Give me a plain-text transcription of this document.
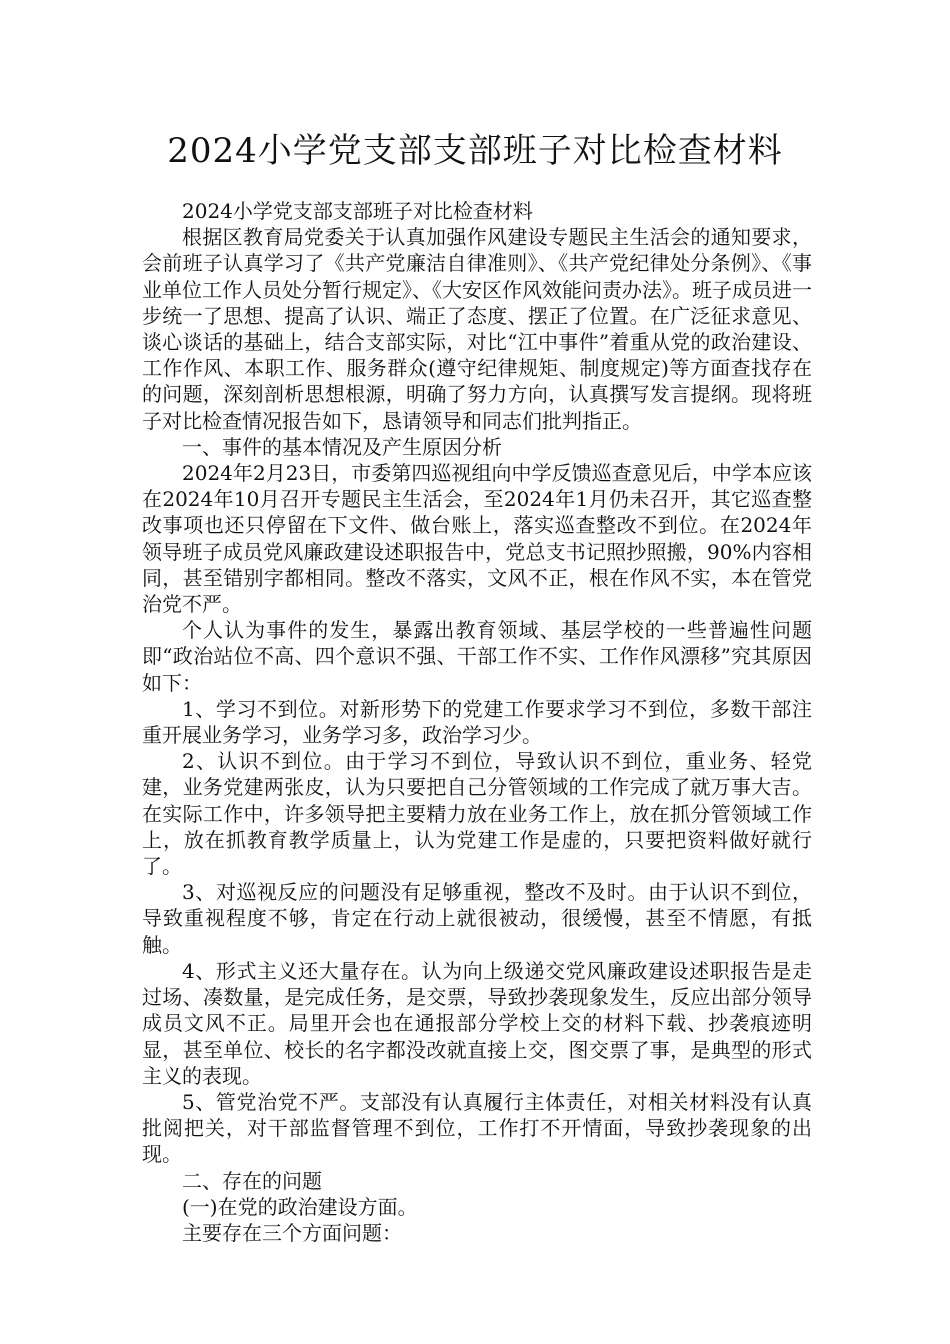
2024小学党支部支部班子对比检查材料

2024小学党支部支部班子对比检查材料

根据区教育局党委关于认真加强作风建设专题民主生活会的通知要求，会前班子认真学习了《共产党廉洁自律准则》、《共产党纪律处分条例》、《事业单位工作人员处分暂行规定》、《大安区作风效能问责办法》。班子成员进一步统一了思想、提高了认识、端正了态度、摆正了位置。在广泛征求意见、谈心谈话的基础上，结合支部实际，对比“江中事件”着重从党的政治建设、工作作风、本职工作、服务群众(遵守纪律规矩、制度规定)等方面查找存在的问题，深刻剖析思想根源，明确了努力方向，认真撰写发言提纲。现将班子对比检查情况报告如下，恳请领导和同志们批判指正。

一、事件的基本情况及产生原因分析

2024年2月23日，市委第四巡视组向中学反馈巡查意见后，中学本应该在2024年10月召开专题民主生活会，至2024年1月仍未召开，其它巡查整改事项也还只停留在下文件、做台账上，落实巡查整改不到位。在2024年领导班子成员党风廉政建设述职报告中，党总支书记照抄照搬，90%内容相同，甚至错别字都相同。整改不落实，文风不正，根在作风不实，本在管党治党不严。

个人认为事件的发生，暴露出教育领域、基层学校的一些普遍性问题即“政治站位不高、四个意识不强、干部工作不实、工作作风漂移”究其原因如下：

1、学习不到位。对新形势下的党建工作要求学习不到位，多数干部注重开展业务学习，业务学习多，政治学习少。

2、认识不到位。由于学习不到位，导致认识不到位，重业务、轻党建，业务党建两张皮，认为只要把自己分管领域的工作完成了就万事大吉。在实际工作中，许多领导把主要精力放在业务工作上，放在抓分管领域工作上，放在抓教育教学质量上，认为党建工作是虚的，只要把资料做好就行了。

3、对巡视反应的问题没有足够重视，整改不及时。由于认识不到位，导致重视程度不够，肯定在行动上就很被动，很缓慢，甚至不情愿，有抵触。

4、形式主义还大量存在。认为向上级递交党风廉政建设述职报告是走过场、凑数量，是完成任务，是交票，导致抄袭现象发生，反应出部分领导成员文风不正。局里开会也在通报部分学校上交的材料下载、抄袭痕迹明显，甚至单位、校长的名字都没改就直接上交，图交票了事，是典型的形式主义的表现。

5、管党治党不严。支部没有认真履行主体责任，对相关材料没有认真批阅把关，对干部监督管理不到位，工作打不开情面，导致抄袭现象的出现。

二、存在的问题

(一)在党的政治建设方面。

主要存在三个方面问题：
